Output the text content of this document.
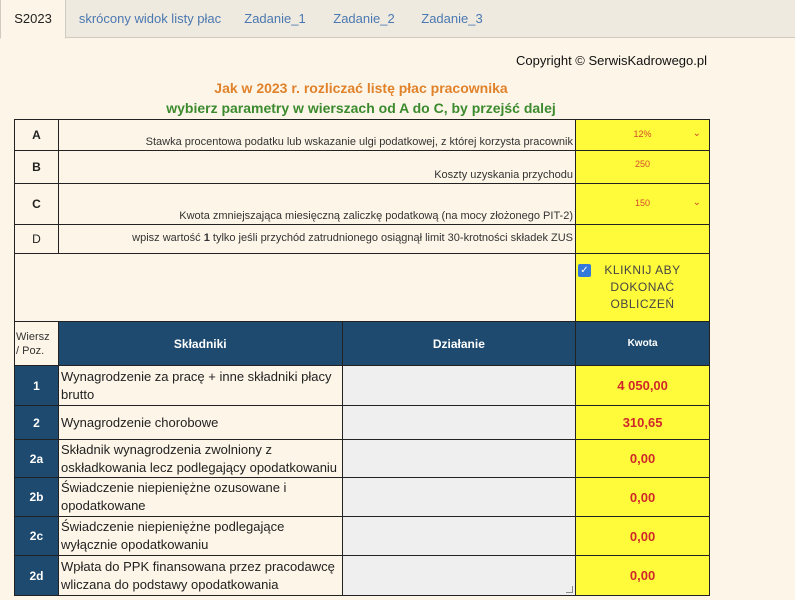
S2023	skrócony widok listy płac	Zadanie_1	Zadanie_2	Zadanie_3
Copyright © SerwisKadrowego.pl
Jak w 2023 r. rozliczać listę płac pracownika
wybierz parametry w wierszach od A do C, by przejść dalej
A	Stawka procentowa podatku lub wskazanie ulgi podatkowej, z której korzysta pracownik	12% ⌄

B	Koszty uzyskania przychodu	250

C	Kwota zmniejszająca miesięczną zaliczkę podatkową (na mocy złożonego PIT-2)	150 ⌄

D	wpisz wartość 1 tylko jeśli przychód zatrudnionego osiągnął limit 30-krotności składek ZUS	

		✓ KLIKNIJ ABY
DOKONAĆ
OBLICZEŃ
Wiersz
/ Poz.	Składniki	Działanie	Kwota
1	Wynagrodzenie za pracę + inne składniki płacy brutto		4 050,00
2	Wynagrodzenie chorobowe		310,65
2a	Składnik wynagrodzenia zwolniony z oskładkowania lecz podlegający opodatkowaniu		0,00
2b	Świadczenie niepieniężne ozusowane i opodatkowane		0,00
2c	Świadczenie niepieniężne podlegające wyłącznie opodatkowaniu		0,00
2d	Wpłata do PPK finansowana przez pracodawcę wliczana do podstawy opodatkowania		0,00
